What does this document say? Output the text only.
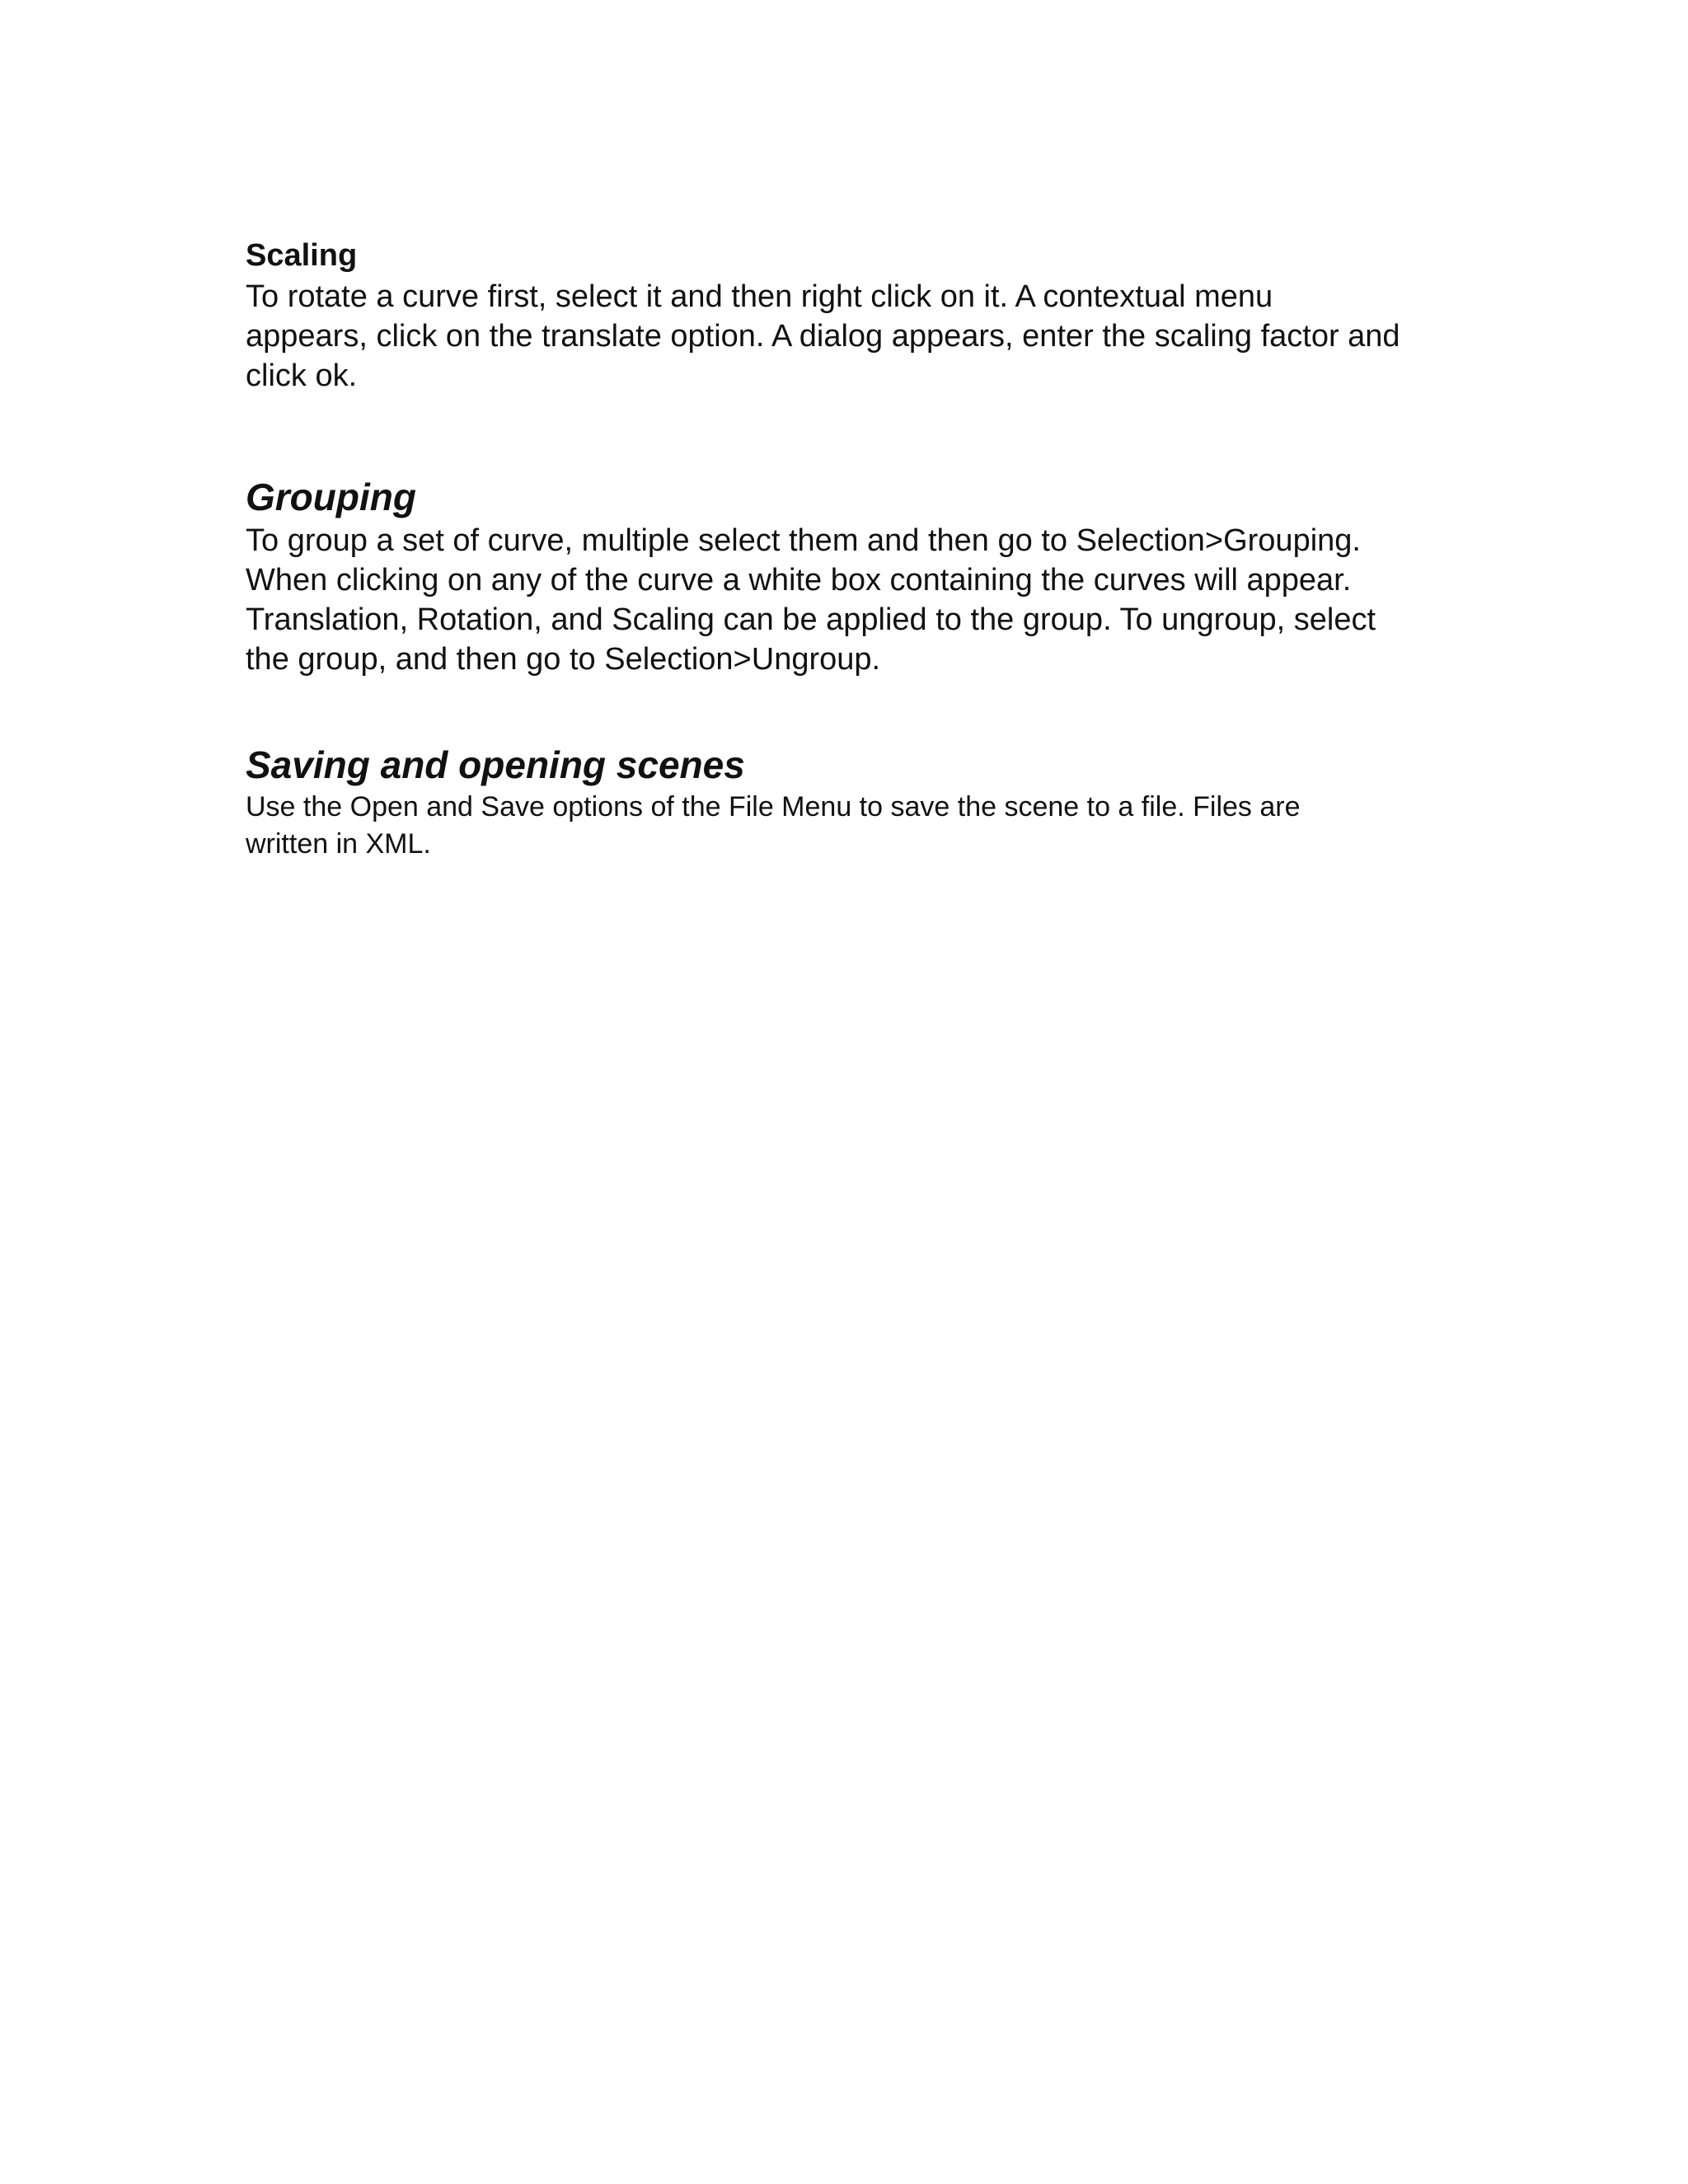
Scaling
To rotate a curve first, select it and then right click on it. A contextual menu
appears, click on the translate option. A dialog appears, enter the scaling factor and
click ok.
Grouping
To group a set of curve, multiple select them and then go to Selection>Grouping.
When clicking on any of the curve a white box containing the curves will appear.
Translation, Rotation, and Scaling can be applied to the group. To ungroup, select
the group, and then go to Selection>Ungroup.
Saving and opening scenes
Use the Open and Save options of the File Menu to save the scene to a file. Files are
written in XML.
